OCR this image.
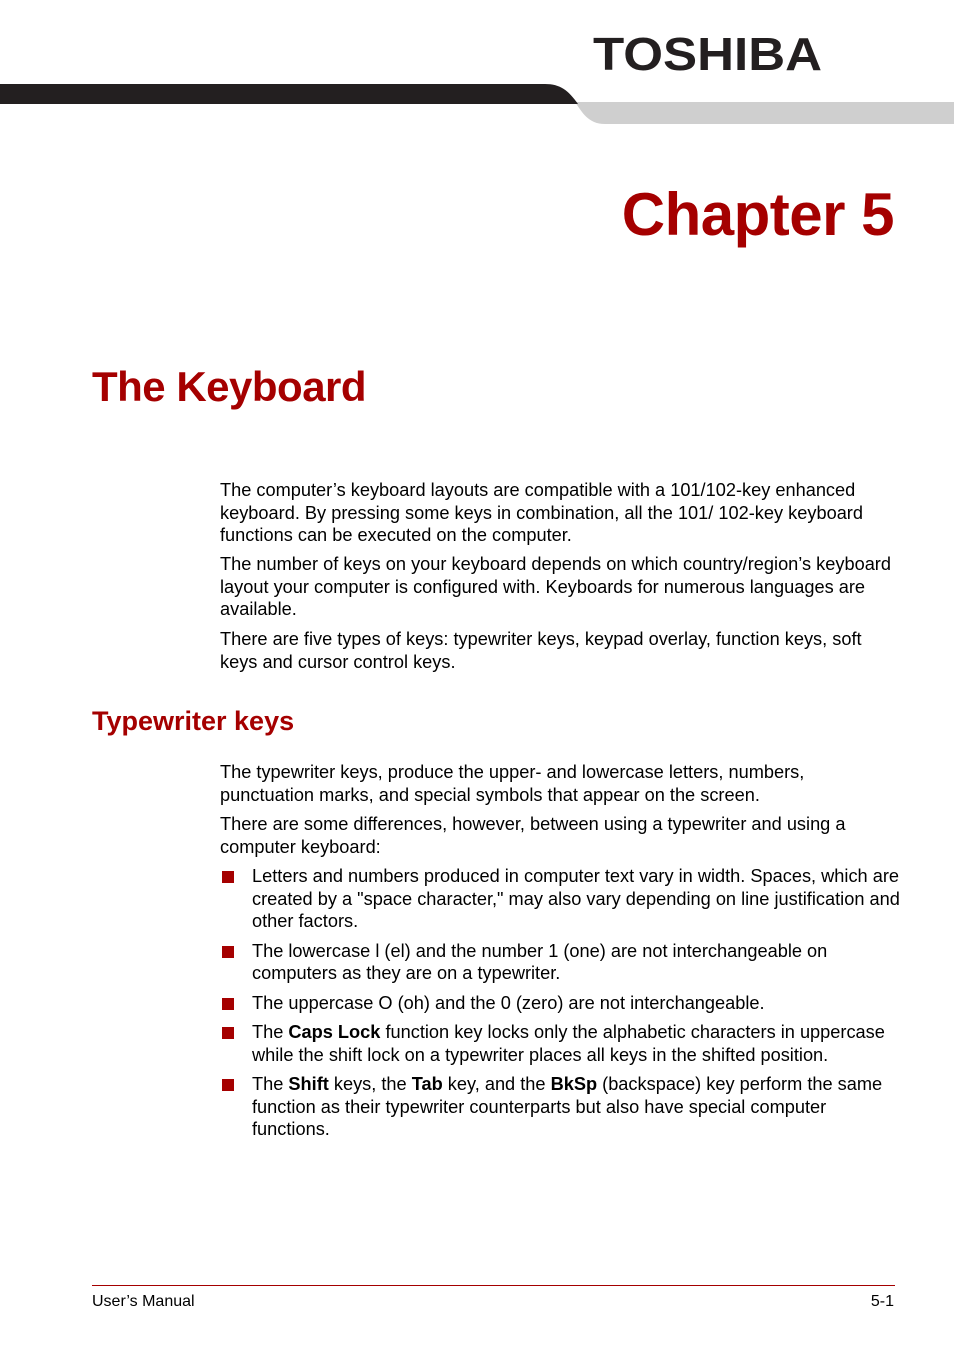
TOSHIBA
Chapter 5
The Keyboard

The computer’s keyboard layouts are compatible with a 101/102-key enhanced keyboard. By pressing some keys in combination, all the 101/ 102-key keyboard functions can be executed on the computer.

The number of keys on your keyboard depends on which country/region’s keyboard layout your computer is configured with. Keyboards for numerous languages are available.

There are five types of keys: typewriter keys, keypad overlay, function keys, soft keys and cursor control keys.

Typewriter keys

The typewriter keys, produce the upper- and lowercase letters, numbers, punctuation marks, and special symbols that appear on the screen.

There are some differences, however, between using a typewriter and using a computer keyboard:

Letters and numbers produced in computer text vary in width. Spaces, which are created by a "space character," may also vary depending on line justification and other factors.
The lowercase l (el) and the number 1 (one) are not interchangeable on computers as they are on a typewriter.
The uppercase O (oh) and the 0 (zero) are not interchangeable.
The Caps Lock function key locks only the alphabetic characters in uppercase while the shift lock on a typewriter places all keys in the shifted position.
The Shift keys, the Tab key, and the BkSp (backspace) key perform the same function as their typewriter counterparts but also have special computer functions.
User’s Manual	5-1
